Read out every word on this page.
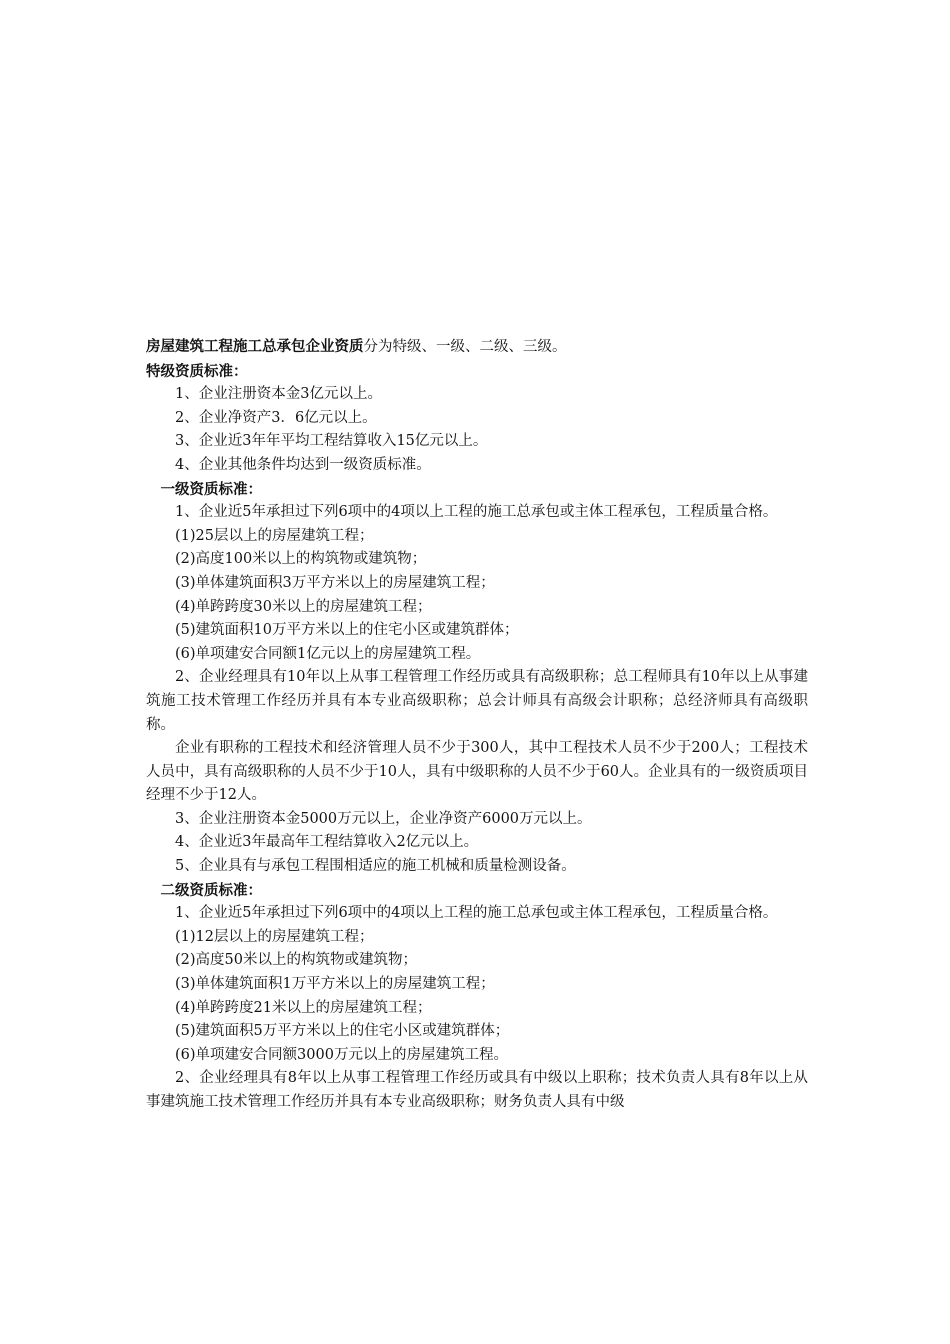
房屋建筑工程施工总承包企业资质分为特级、一级、二级、三级。

特级资质标准：

1、企业注册资本金3亿元以上。

2、企业净资产3．6亿元以上。

3、企业近3年年平均工程结算收入15亿元以上。

4、企业其他条件均达到一级资质标准。

一级资质标准：

1、企业近5年承担过下列6项中的4项以上工程的施工总承包或主体工程承包，工程质量合格。

(1)25层以上的房屋建筑工程；

(2)高度100米以上的构筑物或建筑物；

(3)单体建筑面积3万平方米以上的房屋建筑工程；

(4)单跨跨度30米以上的房屋建筑工程；

(5)建筑面积10万平方米以上的住宅小区或建筑群体；

(6)单项建安合同额1亿元以上的房屋建筑工程。

2、企业经理具有10年以上从事工程管理工作经历或具有高级职称；总工程师具有10年以上从事建筑施工技术管理工作经历并具有本专业高级职称；总会计师具有高级会计职称；总经济师具有高级职称。

企业有职称的工程技术和经济管理人员不少于300人，其中工程技术人员不少于200人；工程技术人员中，具有高级职称的人员不少于10人，具有中级职称的人员不少于60人。企业具有的一级资质项目经理不少于12人。

3、企业注册资本金5000万元以上，企业净资产6000万元以上。

4、企业近3年最高年工程结算收入2亿元以上。

5、企业具有与承包工程围相适应的施工机械和质量检测设备。

二级资质标准：

1、企业近5年承担过下列6项中的4项以上工程的施工总承包或主体工程承包，工程质量合格。

(1)12层以上的房屋建筑工程；

(2)高度50米以上的构筑物或建筑物；

(3)单体建筑面积1万平方米以上的房屋建筑工程；

(4)单跨跨度21米以上的房屋建筑工程；

(5)建筑面积5万平方米以上的住宅小区或建筑群体；

(6)单项建安合同额3000万元以上的房屋建筑工程。

2、企业经理具有8年以上从事工程管理工作经历或具有中级以上职称；技术负责人具有8年以上从事建筑施工技术管理工作经历并具有本专业高级职称；财务负责人具有中级
